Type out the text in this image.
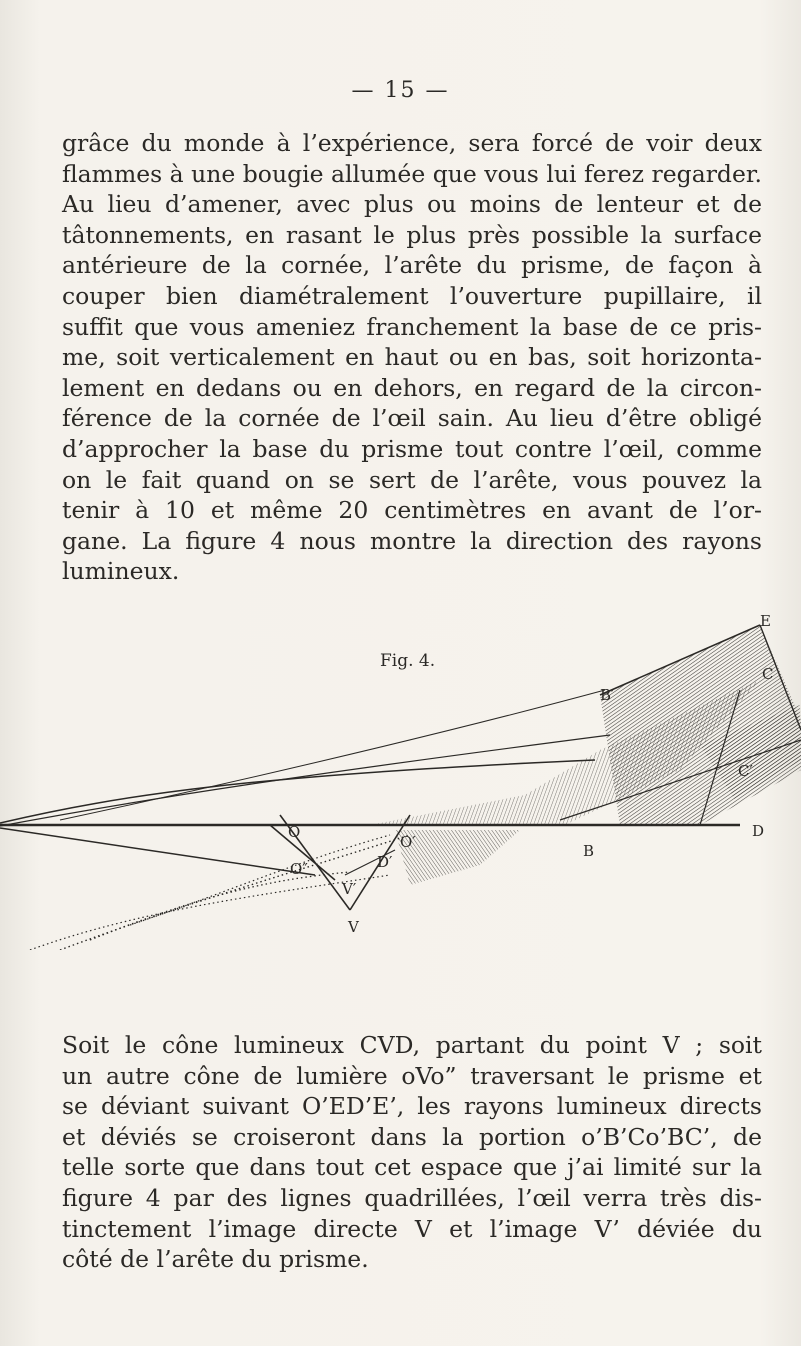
— 15 —
grâce du monde à l’expérience, sera forcé de voir deux
flammes à une bougie allumée que vous lui ferez regarder.
Au lieu d’amener, avec plus ou moins de lenteur et de
tâtonnements, en rasant le plus près possible la surface
antérieure de la cornée, l’arête du prisme, de façon à
couper bien diamétralement l’ouverture pupillaire, il
suffit que vous ameniez franchement la base de ce pris-
me, soit verticalement en haut ou en bas, soit horizonta-
lement en dedans ou en dehors, en regard de la circon-
férence de la cornée de l’œil sain. Au lieu d’être obligé
d’approcher la base du prisme tout contre l’œil, comme
on le fait quand on se sert de l’arête, vous pouvez la
tenir à 10 et même 20 centimètres en avant de l’or-
gane. La figure 4 nous montre la direction des rayons
lumineux.
Fig. 4.
E
C
B′
C′
D
B
O
O′
O″	D′
V′
V
Soit le cône lumineux CVD, partant du point V ; soit
un autre cône de lumière oVo” traversant le prisme et
se déviant suivant O’ED’E’, les rayons lumineux directs
et déviés se croiseront dans la portion o’B’Co’BC’, de
telle sorte que dans tout cet espace que j’ai limité sur la
figure 4 par des lignes quadrillées, l’œil verra très dis-
tinctement l’image directe V et l’image V’ déviée du
côté de l’arête du prisme.
